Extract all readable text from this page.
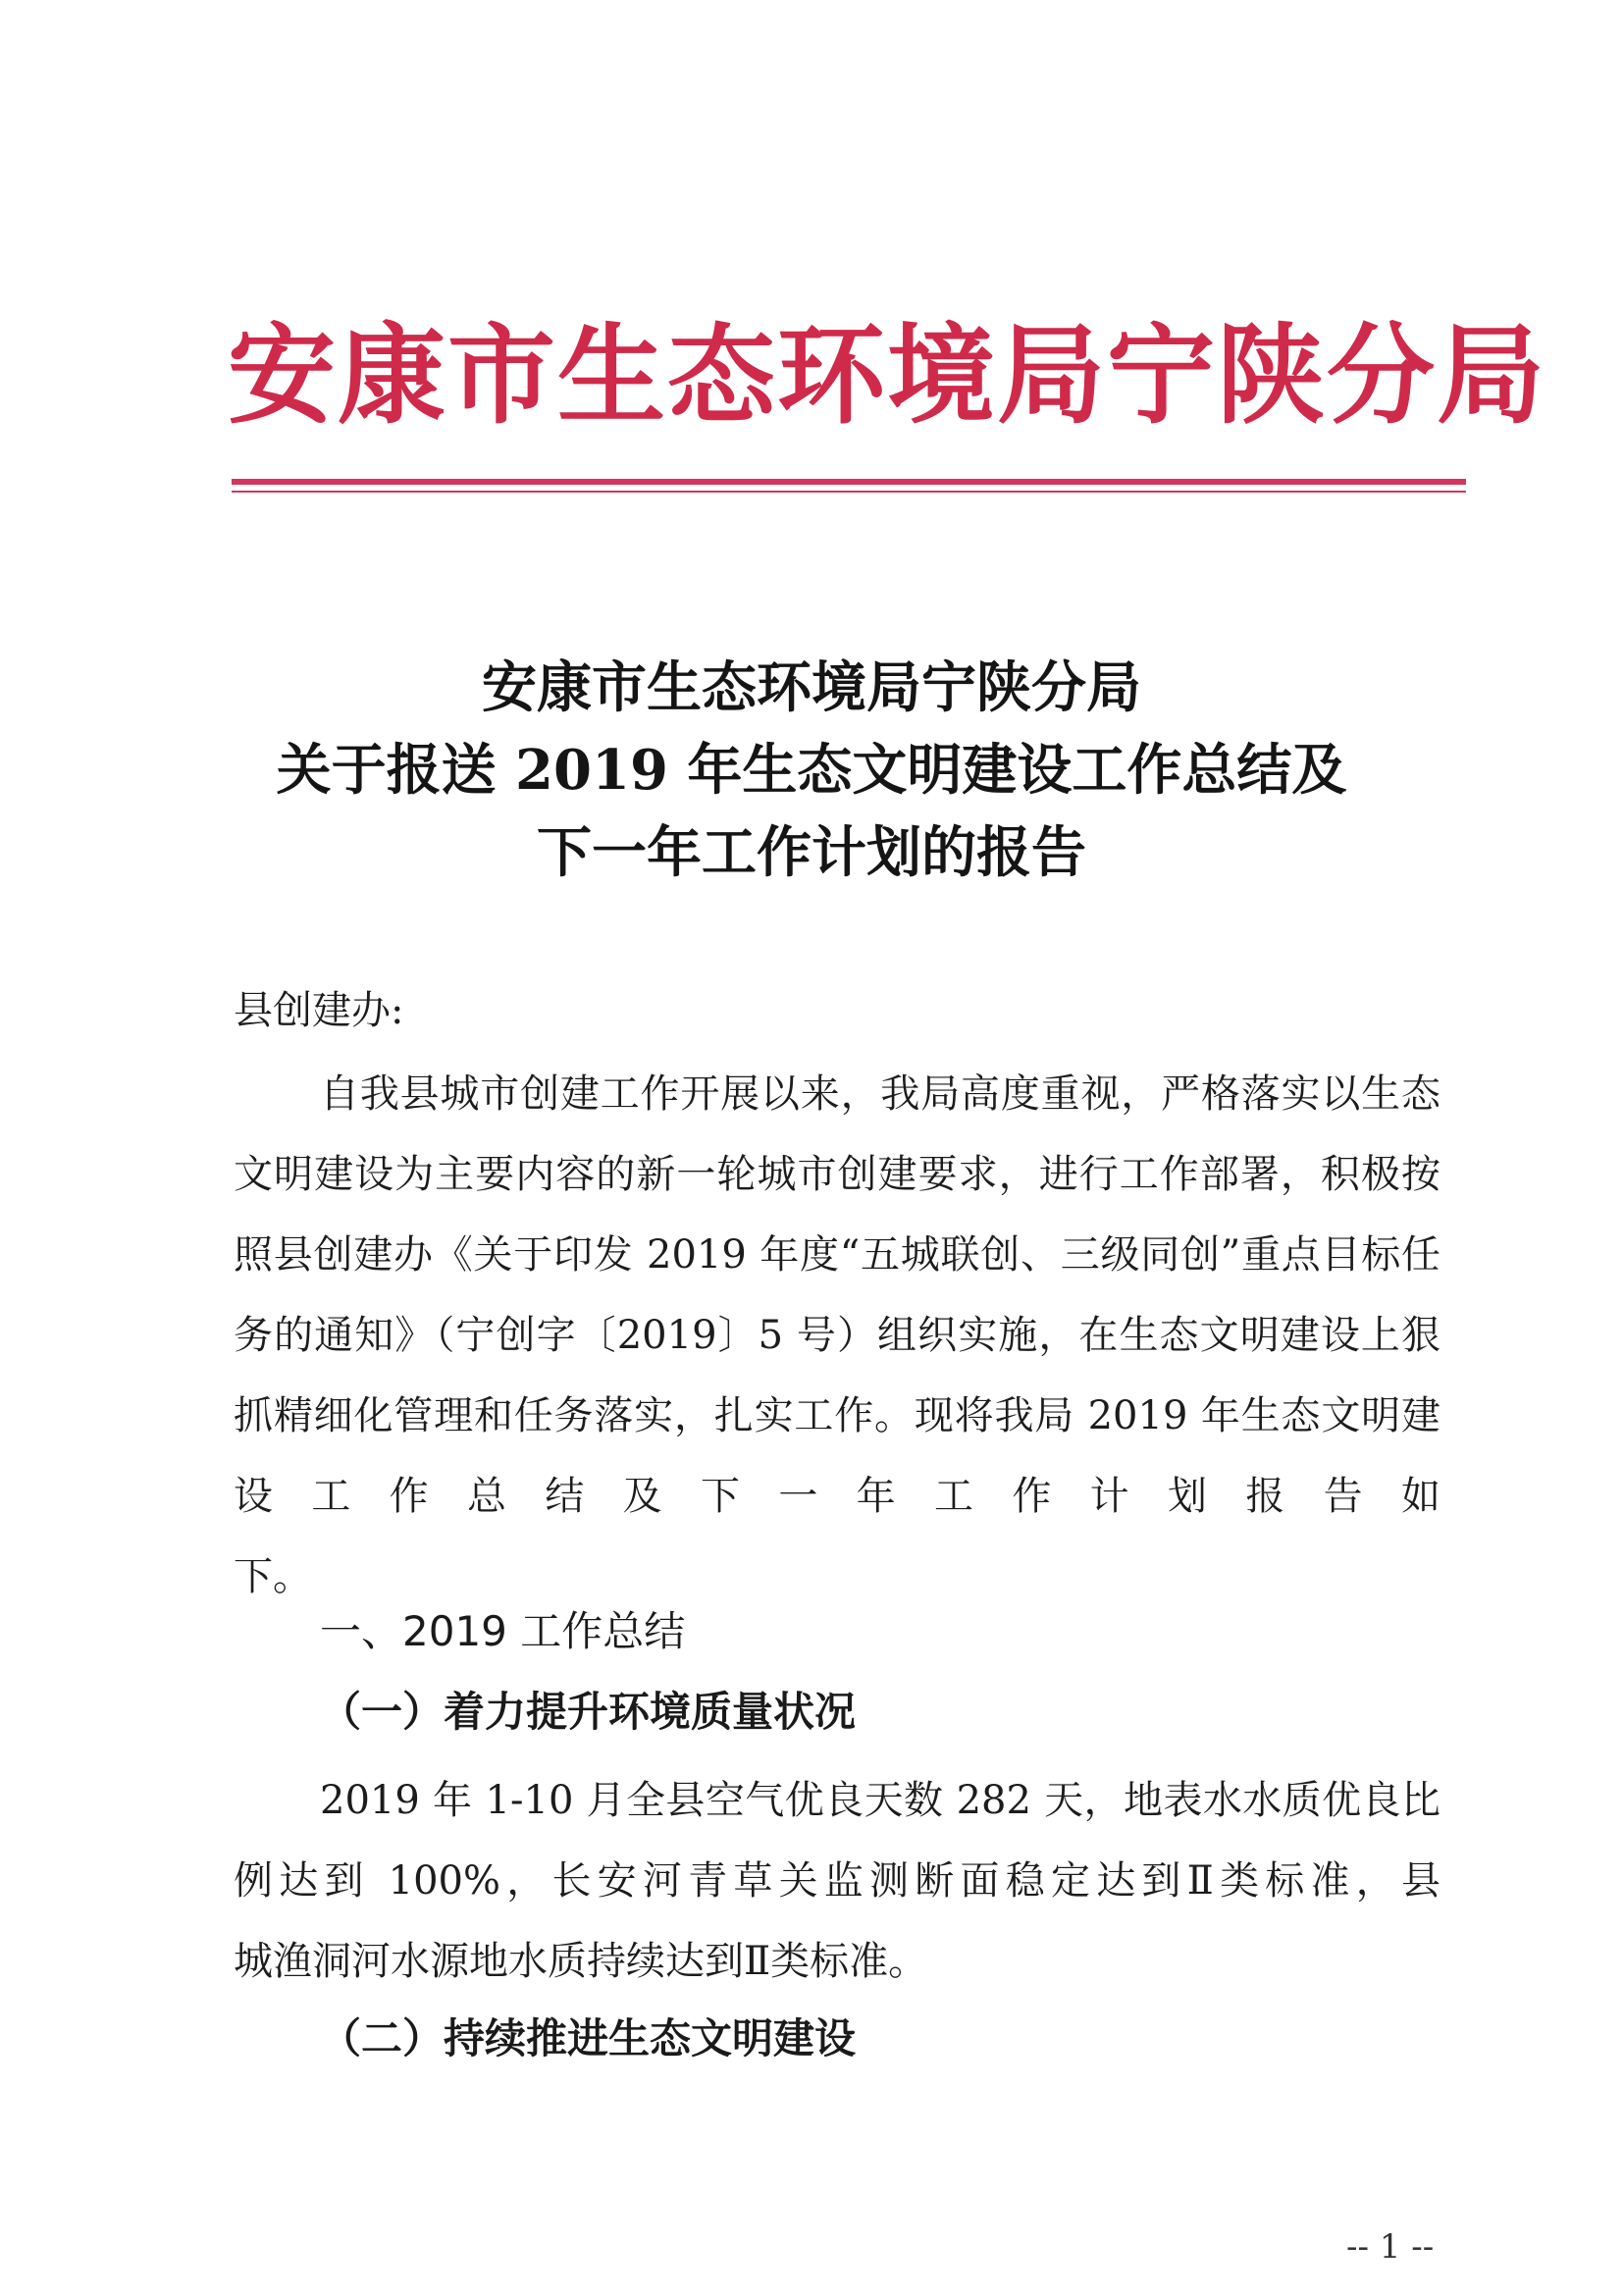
安康市生态环境局宁陕分局
安康市生态环境局宁陕分局
关于报送 2019 年生态文明建设工作总结及
下一年工作计划的报告
县创建办:
自我县城市创建工作开展以来，我局高度重视，严格落实以生态文明建设为主要内容的新一轮城市创建要求，进行工作部署，积极按照县创建办《关于印发 2019 年度“五城联创、三级同创”重点目标任务的通知》（宁创字〔2019〕5 号）组织实施，在生态文明建设上狠抓精细化管理和任务落实，扎实工作。现将我局 2019 年生态文明建设工作总结及下一年工作计划报告如
下。
一、2019 工作总结
（一）着力提升环境质量状况
2019 年 1-10 月全县空气优良天数 282 天，地表水水质优良比例达到 100%，长安河青草关监测断面稳定达到Ⅱ类标准，县
城渔洞河水源地水质持续达到Ⅱ类标准。
（二）持续推进生态文明建设
-- 1 --
